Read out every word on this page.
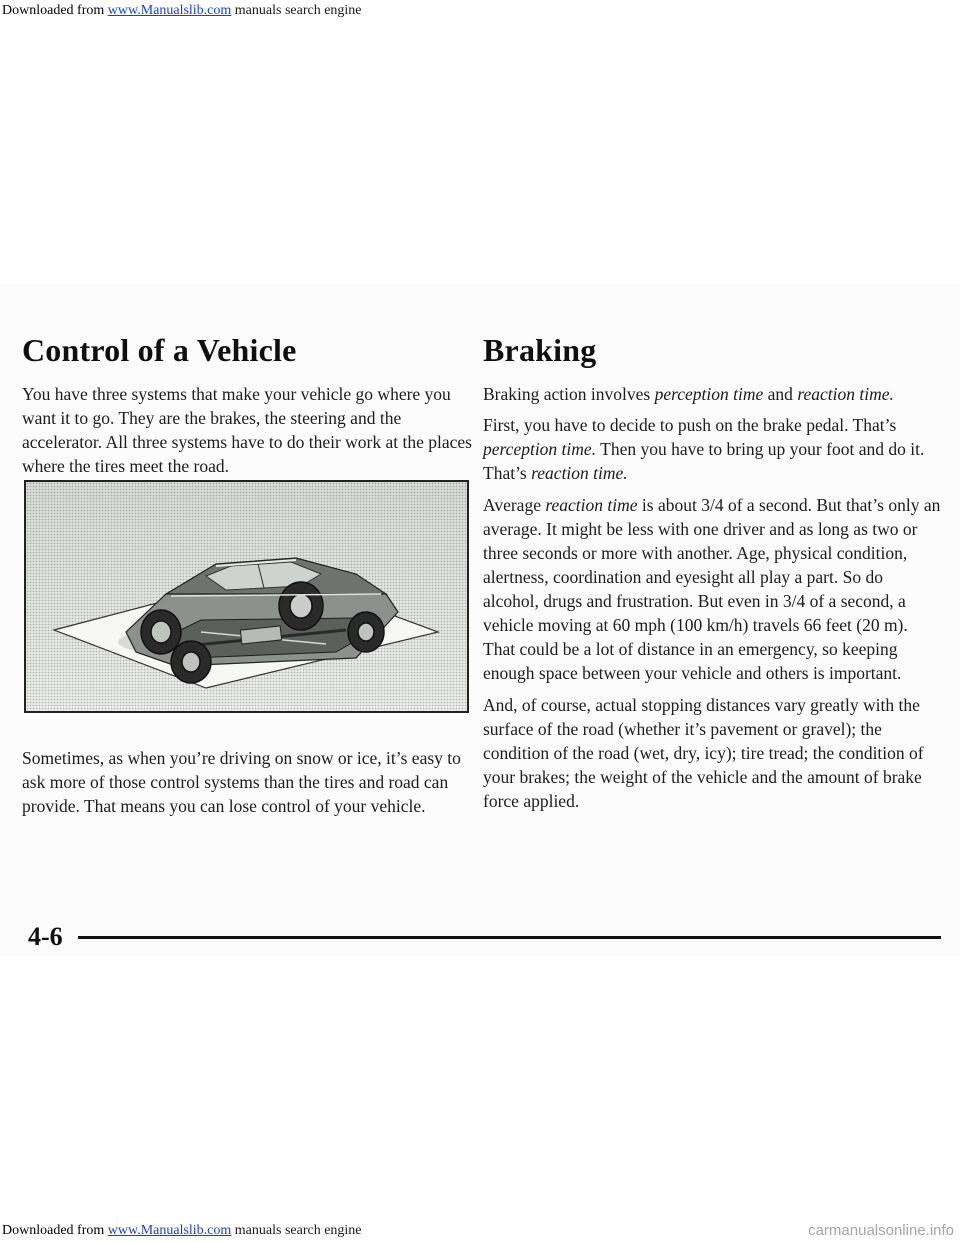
Downloaded from www.Manualslib.com manuals search engine
Control of a Vehicle

You have three systems that make your vehicle go where you want it to go. They are the brakes, the steering and the accelerator. All three systems have to do their work at the places where the tires meet the road.

Braking

Braking action involves perception time and reaction time.

First, you have to decide to push on the brake pedal. That’s perception time. Then you have to bring up your foot and do it. That’s reaction time.

Average reaction time is about 3/4 of a second. But that’s only an average. It might be less with one driver and as long as two or three seconds or more with another. Age, physical condition, alertness, coordination and eyesight all play a part. So do alcohol, drugs and frustration. But even in 3/4 of a second, a vehicle moving at 60 mph (100 km/h) travels 66 feet (20 m). That could be a lot of distance in an emergency, so keeping enough space between your vehicle and others is important.

And, of course, actual stopping distances vary greatly with the surface of the road (whether it’s pavement or gravel); the condition of the road (wet, dry, icy); tire tread; the condition of your brakes; the weight of the vehicle and the amount of brake force applied.

Sometimes, as when you’re driving on snow or ice, it’s easy to ask more of those control systems than the tires and road can provide. That means you can lose control of your vehicle.

4-6
Downloaded from www.Manualslib.com manuals search engine	carmanualsonline.info
